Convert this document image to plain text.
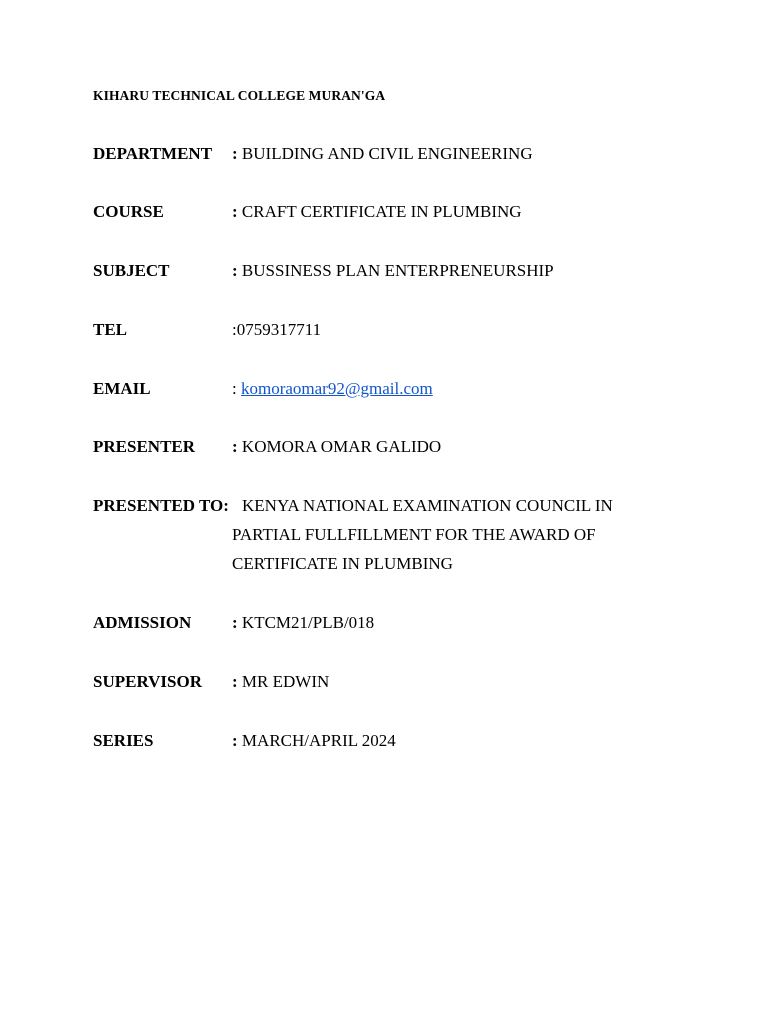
KIHARU TECHNICAL COLLEGE MURAN'GA
DEPARTMENT : BUILDING AND CIVIL ENGINEERING
COURSE	: CRAFT CERTIFICATE IN PLUMBING
SUBJECT	: BUSSINESS PLAN ENTERPRENEURSHIP
TEL	:0759317711
EMAIL	: komoraomar92@gmail.com
PRESENTER : KOMORA OMAR GALIDO
PRESENTED TO: KENYA NATIONAL EXAMINATION COUNCIL IN
PARTIAL FULLFILLMENT FOR THE AWARD OF
CERTIFICATE IN PLUMBING
ADMISSION : KTCM21/PLB/018
SUPERVISOR : MR EDWIN
SERIES	: MARCH/APRIL 2024
